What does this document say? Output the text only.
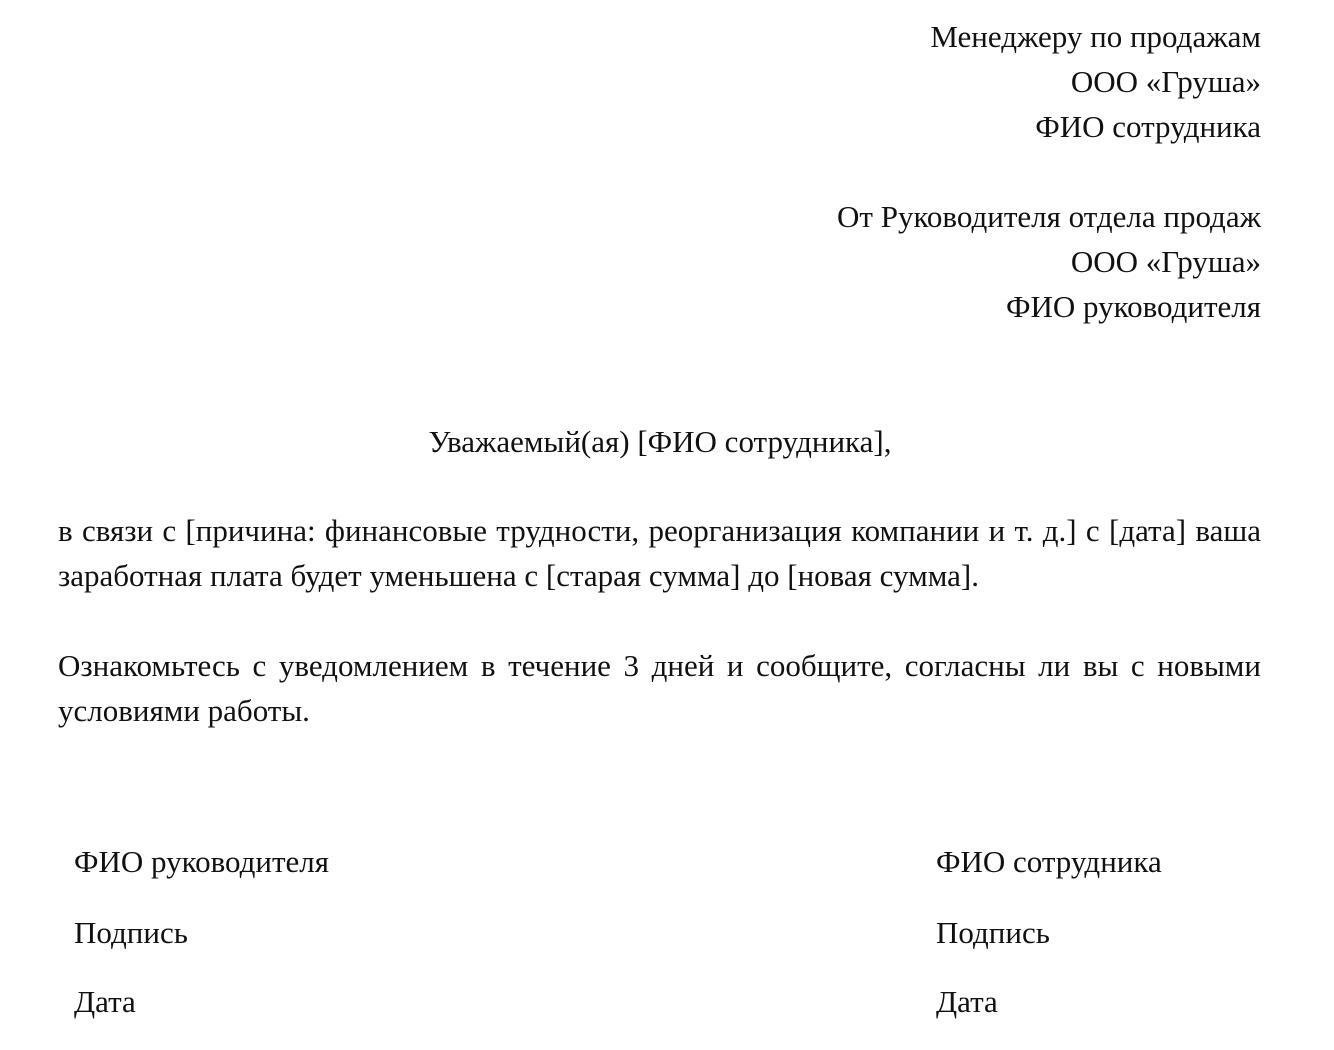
Менеджеру по продажам
ООО «Груша»
ФИО сотрудника
От Руководителя отдела продаж
ООО «Груша»
ФИО руководителя
Уважаемый(ая) [ФИО сотрудника],

в связи с [причина: финансовые трудности, реорганизация компании и т. д.] с [дата] ваша заработная плата будет уменьшена с [старая сумма] до [новая сумма].

Ознакомьтесь с уведомлением в течение 3 дней и сообщите, согласны ли вы с новыми условиями работы.

ФИО руководителя
Подпись
Дата
ФИО сотрудника
Подпись
Дата
